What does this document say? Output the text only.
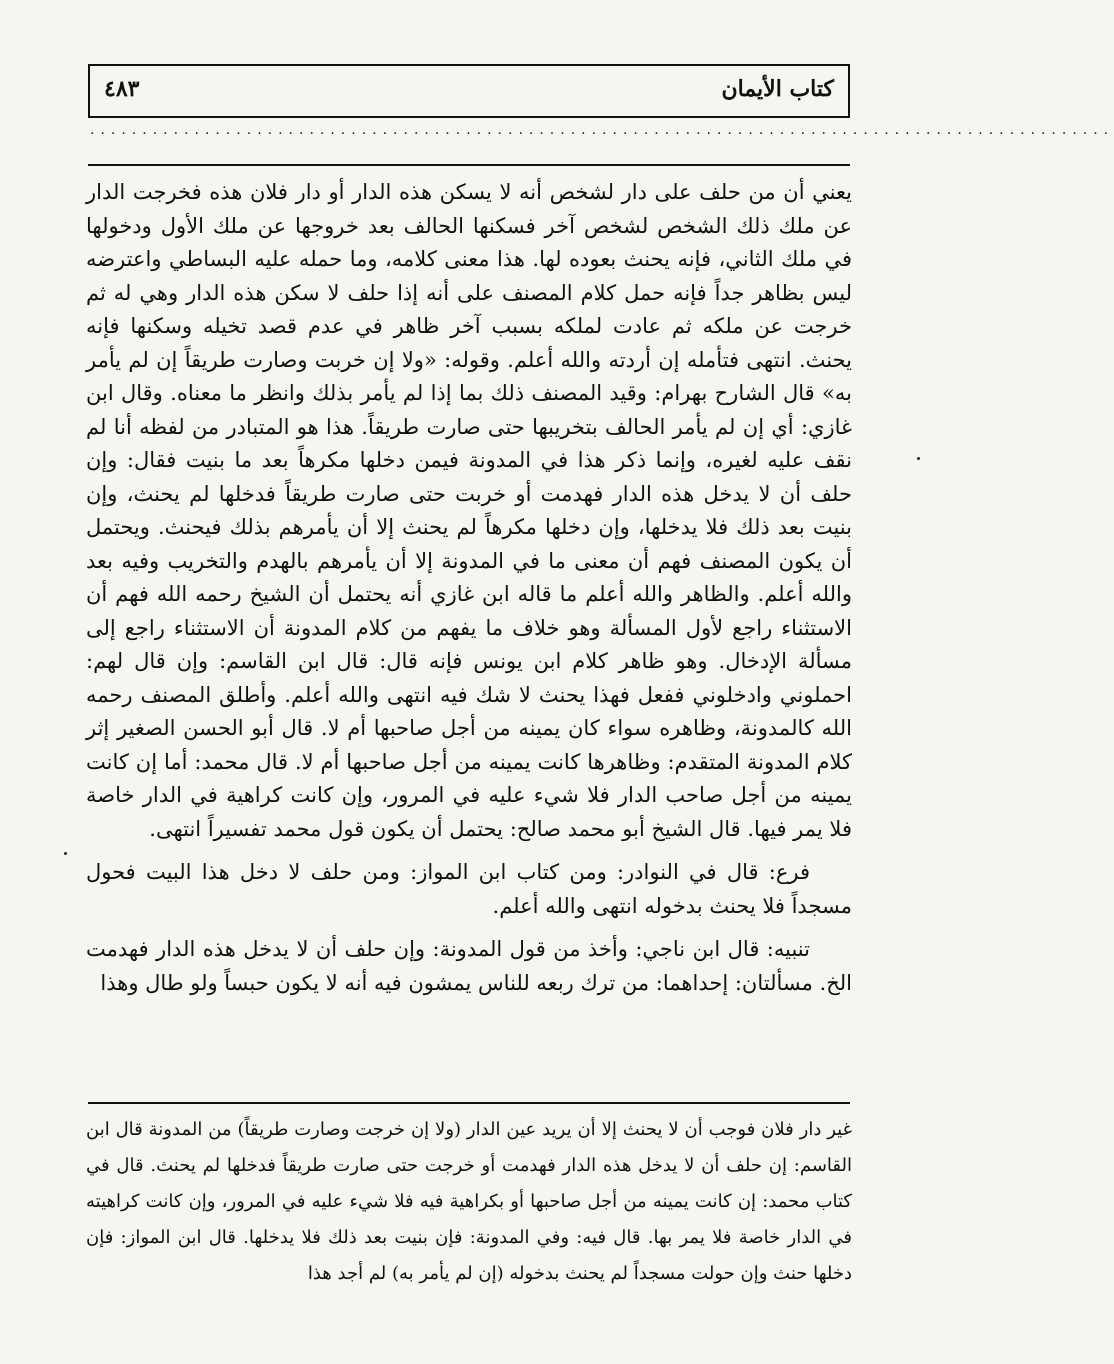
كتاب الأيمان
٤٨٣
..................................................................................................

يعني أن من حلف على دار لشخص أنه لا يسكن هذه الدار أو دار فلان هذه فخرجت الدار عن ملك ذلك الشخص لشخص آخر فسكنها الحالف بعد خروجها عن ملك الأول ودخولها في ملك الثاني، فإنه يحنث بعوده لها. هذا معنى كلامه، وما حمله عليه البساطي واعترضه ليس بظاهر جداً فإنه حمل كلام المصنف على أنه إذا حلف لا سكن هذه الدار وهي له ثم خرجت عن ملكه ثم عادت لملكه بسبب آخر ظاهر في عدم قصد تخيله وسكنها فإنه يحنث. انتهى فتأمله إن أردته والله أعلم. وقوله: «ولا إن خربت وصارت طريقاً إن لم يأمر به» قال الشارح بهرام: وقيد المصنف ذلك بما إذا لم يأمر بذلك وانظر ما معناه. وقال ابن غازي: أي إن لم يأمر الحالف بتخريبها حتى صارت طريقاً. هذا هو المتبادر من لفظه أنا لم نقف عليه لغيره، وإنما ذكر هذا في المدونة فيمن دخلها مكرهاً بعد ما بنيت فقال: وإن حلف أن لا يدخل هذه الدار فهدمت أو خربت حتى صارت طريقاً فدخلها لم يحنث، وإن بنيت بعد ذلك فلا يدخلها، وإن دخلها مكرهاً لم يحنث إلا أن يأمرهم بذلك فيحنث. ويحتمل أن يكون المصنف فهم أن معنى ما في المدونة إلا أن يأمرهم بالهدم والتخريب وفيه بعد والله أعلم. والظاهر والله أعلم ما قاله ابن غازي أنه يحتمل أن الشيخ رحمه الله فهم أن الاستثناء راجع لأول المسألة وهو خلاف ما يفهم من كلام المدونة أن الاستثناء راجع إلى مسألة الإدخال. وهو ظاهر كلام ابن يونس فإنه قال: قال ابن القاسم: وإن قال لهم: احملوني وادخلوني ففعل فهذا يحنث لا شك فيه انتهى والله أعلم. وأطلق المصنف رحمه الله كالمدونة، وظاهره سواء كان يمينه من أجل صاحبها أم لا. قال أبو الحسن الصغير إثر كلام المدونة المتقدم: وظاهرها كانت يمينه من أجل صاحبها أم لا. قال محمد: أما إن كانت يمينه من أجل صاحب الدار فلا شيء عليه في المرور، وإن كانت كراهية في الدار خاصة فلا يمر فيها. قال الشيخ أبو محمد صالح: يحتمل أن يكون قول محمد تفسيراً انتهى.

فرع: قال في النوادر: ومن كتاب ابن المواز: ومن حلف لا دخل هذا البيت فحول مسجداً فلا يحنث بدخوله انتهى والله أعلم.

تنبيه: قال ابن ناجي: وأخذ من قول المدونة: وإن حلف أن لا يدخل هذه الدار فهدمت الخ. مسألتان: إحداهما: من ترك ربعه للناس يمشون فيه أنه لا يكون حبساً ولو طال وهذا

غير دار فلان فوجب أن لا يحنث إلا أن يريد عين الدار (ولا إن خرجت وصارت طريقاً) من المدونة قال ابن القاسم: إن حلف أن لا يدخل هذه الدار فهدمت أو خرجت حتى صارت طريقاً فدخلها لم يحنث. قال في كتاب محمد: إن كانت يمينه من أجل صاحبها أو بكراهية فيه فلا شيء عليه في المرور، وإن كانت كراهيته في الدار خاصة فلا يمر بها. قال فيه: وفي المدونة: فإن بنيت بعد ذلك فلا يدخلها. قال ابن المواز: فإن دخلها حنث وإن حولت مسجداً لم يحنث بدخوله (إن لم يأمر به) لم أجد هذا
